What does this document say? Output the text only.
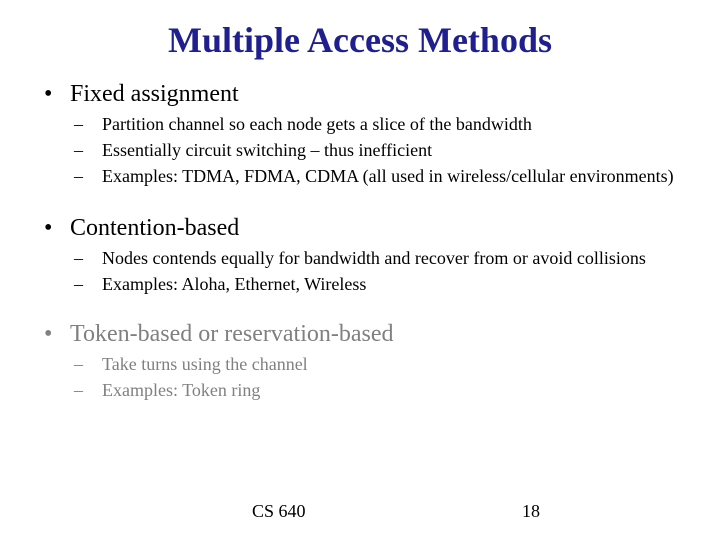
Multiple Access Methods
• Fixed assignment
– Partition channel so each node gets a slice of the bandwidth
– Essentially circuit switching – thus inefficient
– Examples: TDMA, FDMA, CDMA (all used in wireless/cellular environments)
• Contention-based
– Nodes contends equally for bandwidth and recover from or avoid collisions
– Examples: Aloha, Ethernet, Wireless
• Token-based or reservation-based
– Take turns using the channel
– Examples: Token ring
CS 640	18
